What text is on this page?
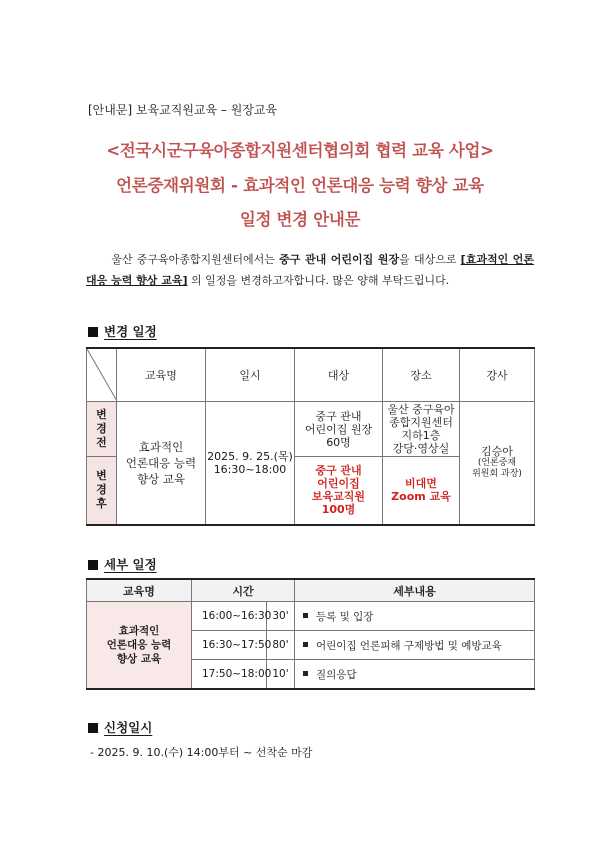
[안내문] 보육교직원교육 – 원장교육
<전국시군구육아종합지원센터협의회 협력 교육 사업>
언론중재위원회 - 효과적인 언론대응 능력 향상 교육
일정 변경 안내문
울산 중구육아종합지원센터에서는 중구 관내 어린이집 원장을 대상으로 [효과적인 언론대응 능력 향상 교육] 의 일정을 변경하고자합니다. 많은 양해 부탁드립니다.
변경 일정
	교육명	일시	대상	장소	강사
변
경
전	효과적인
언론대응 능력
향상 교육	2025. 9. 25.(목)
16:30~18:00	중구 관내
어린이집 원장
60명	울산 중구육아
종합지원센터
지하1층
강당·영상실	김승아

(언론중재
위원회 과장)

변
경
후			중구 관내
어린이집
보육교직원
100명	비대면
Zoom 교육	
세부 일정
교육명	시간		세부내용
효과적인
언론대응 능력
향상 교육	16:00~16:30	30'	등록 및 입장
	16:30~17:50	80'	어린이집 언론피해 구제방법 및 예방교육
	17:50~18:00	10'	질의응답
신청일시
- 2025. 9. 10.(수) 14:00부터 ~ 선착순 마감
